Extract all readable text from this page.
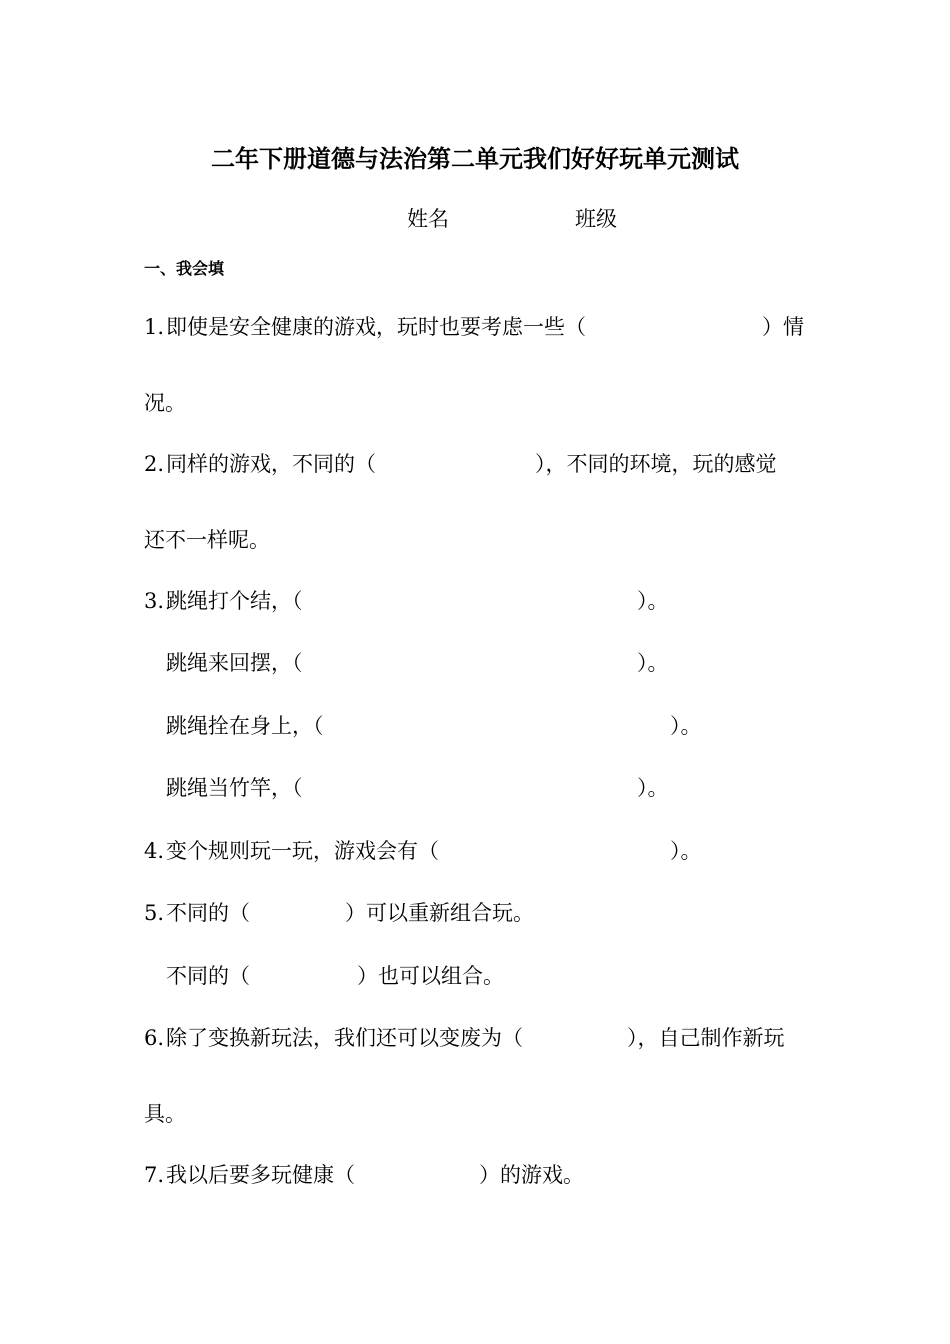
二年下册道德与法治第二单元我们好好玩单元测试
姓名	班级
一、我会填
1. 即使是安全健康的游戏，玩时也要考虑一些（	）情
况。
2. 同样的游戏，不同的（	），不同的环境，玩的感觉
还不一样呢。
3. 跳绳打个结，（	）。
跳绳来回摆，（	）。
跳绳拴在身上，（	）。
跳绳当竹竿，（	）。
4. 变个规则玩一玩，游戏会有（	）。
5. 不同的（	）可以重新组合玩。
不同的（	）也可以组合。
6. 除了变换新玩法，我们还可以变废为（	），自己制作新玩
具。
7. 我以后要多玩健康（	）的游戏。
